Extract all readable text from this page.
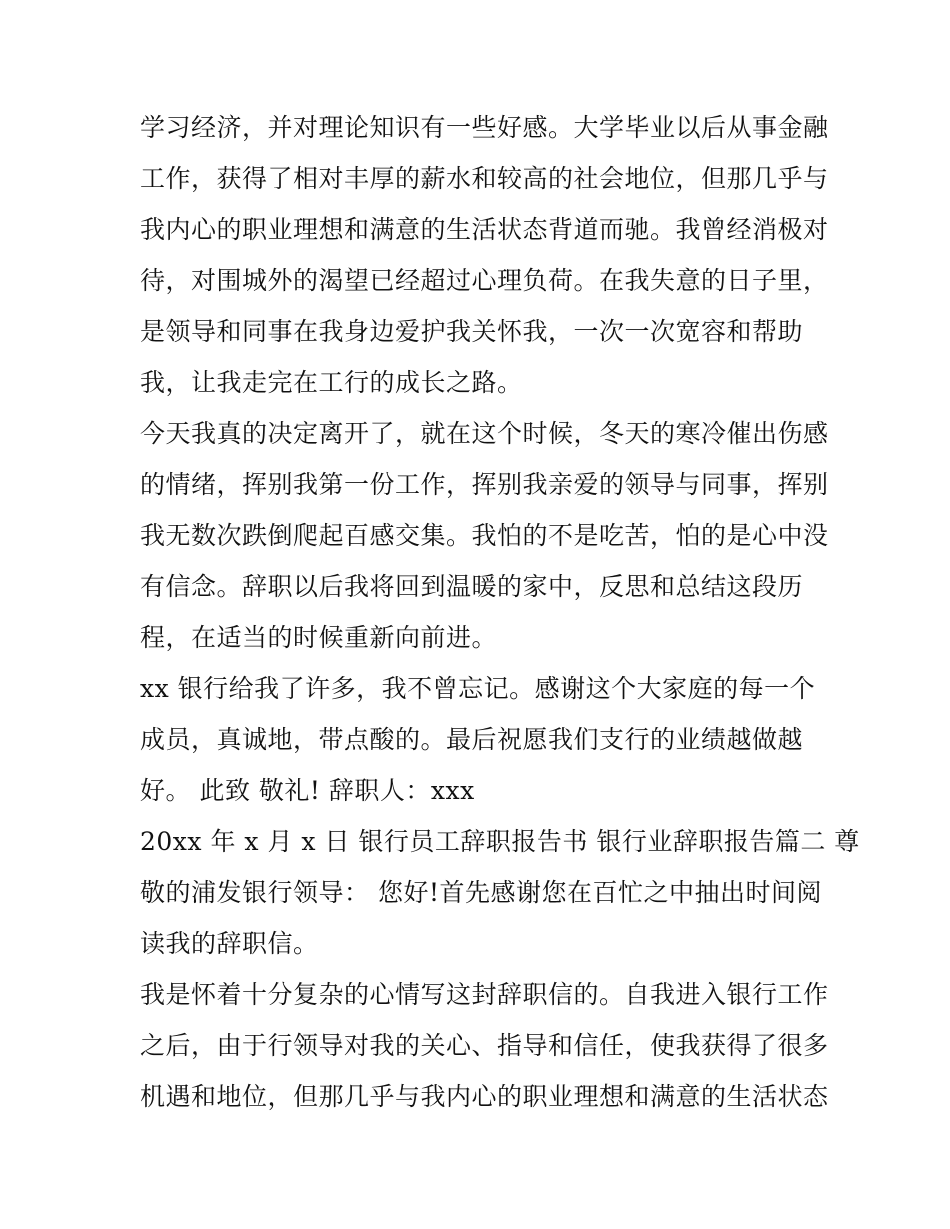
学习经济，并对理论知识有一些好感。大学毕业以后从事金融
工作，获得了相对丰厚的薪水和较高的社会地位，但那几乎与
我内心的职业理想和满意的生活状态背道而驰。我曾经消极对
待，对围城外的渴望已经超过心理负荷。在我失意的日子里，
是领导和同事在我身边爱护我关怀我，一次一次宽容和帮助
我，让我走完在工行的成长之路。
今天我真的决定离开了，就在这个时候，冬天的寒冷催出伤感
的情绪，挥别我第一份工作，挥别我亲爱的领导与同事，挥别
我无数次跌倒爬起百感交集。我怕的不是吃苦，怕的是心中没
有信念。辞职以后我将回到温暖的家中，反思和总结这段历
程，在适当的时候重新向前进。
xx 银行给我了许多，我不曾忘记。感谢这个大家庭的每一个
成员，真诚地，带点酸的。最后祝愿我们支行的业绩越做越
好。 此致 敬礼! 辞职人：xxx
20xx 年 x 月 x 日 银行员工辞职报告书 银行业辞职报告篇二 尊
敬的浦发银行领导： 您好!首先感谢您在百忙之中抽出时间阅
读我的辞职信。
我是怀着十分复杂的心情写这封辞职信的。自我进入银行工作
之后，由于行领导对我的关心、指导和信任，使我获得了很多
机遇和地位，但那几乎与我内心的职业理想和满意的生活状态
